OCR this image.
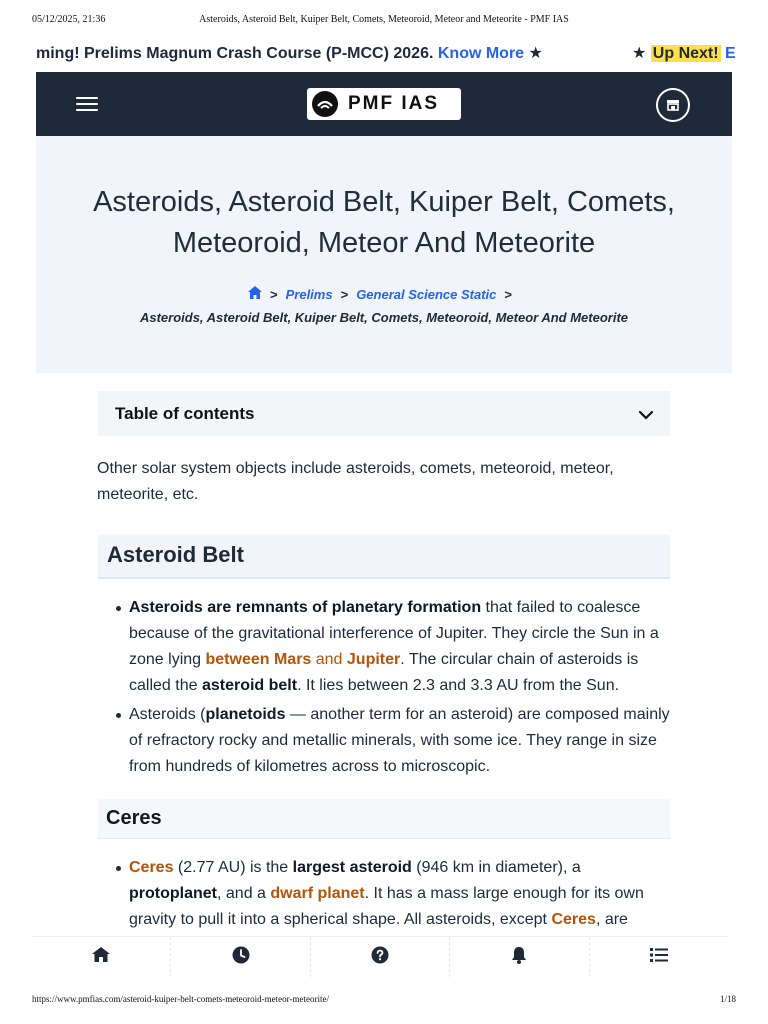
05/12/2025, 21:36	Asteroids, Asteroid Belt, Kuiper Belt, Comets, Meteoroid, Meteor and Meteorite - PMF IAS
ming! Prelims Magnum Crash Course (P-MCC) 2026. Know More ★	★ Up Next! E
PMF IAS
Asteroids, Asteroid Belt, Kuiper Belt, Comets,
Meteoroid, Meteor And Meteorite
> Prelims > General Science Static >
Asteroids, Asteroid Belt, Kuiper Belt, Comets, Meteoroid, Meteor And Meteorite
Table of contents

Other solar system objects include asteroids, comets, meteoroid, meteor, meteorite, etc.

Asteroid Belt
Asteroids are remnants of planetary formation that failed to coalesce because of the gravitational interference of Jupiter. They circle the Sun in a zone lying between Mars and Jupiter. The circular chain of asteroids is called the asteroid belt. It lies between 2.3 and 3.3 AU from the Sun.
Asteroids (planetoids — another term for an asteroid) are composed mainly of refractory rocky and metallic minerals, with some ice. They range in size from hundreds of kilometres across to microscopic.
Ceres
Ceres (2.77 AU) is the largest asteroid (946 km in diameter), a protoplanet, and a dwarf planet. It has a mass large enough for its own gravity to pull it into a spherical shape. All asteroids, except Ceres, are
https://www.pmfias.com/asteroid-kuiper-belt-comets-meteoroid-meteor-meteorite/	1/18
